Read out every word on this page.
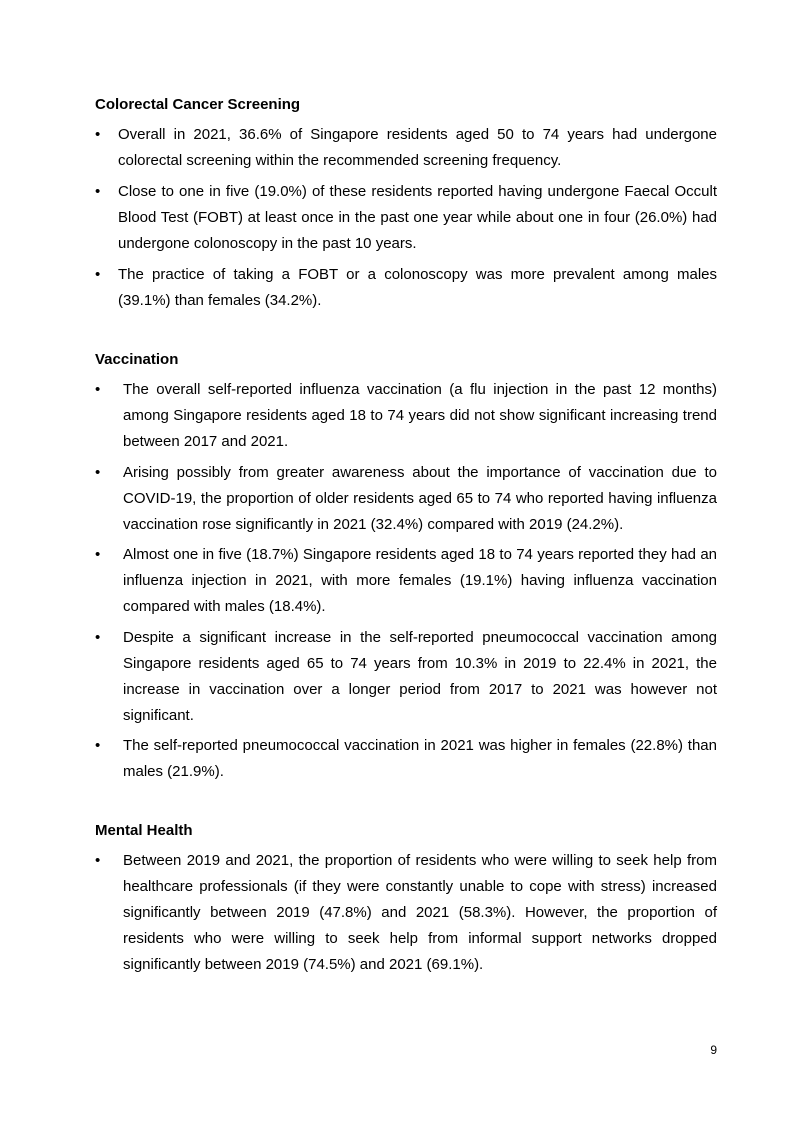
Colorectal Cancer Screening
•	Overall in 2021, 36.6% of Singapore residents aged 50 to 74 years had undergone colorectal screening within the recommended screening frequency.
•	Close to one in five (19.0%) of these residents reported having undergone Faecal Occult Blood Test (FOBT) at least once in the past one year while about one in four (26.0%) had undergone colonoscopy in the past 10 years.
•	The practice of taking a FOBT or a colonoscopy was more prevalent among males (39.1%) than females (34.2%).
Vaccination
•	The overall self-reported influenza vaccination (a flu injection in the past 12 months) among Singapore residents aged 18 to 74 years did not show significant increasing trend between 2017 and 2021.
•	Arising possibly from greater awareness about the importance of vaccination due to COVID-19, the proportion of older residents aged 65 to 74 who reported having influenza vaccination rose significantly in 2021 (32.4%) compared with 2019 (24.2%).
•	Almost one in five (18.7%) Singapore residents aged 18 to 74 years reported they had an influenza injection in 2021, with more females (19.1%) having influenza vaccination compared with males (18.4%).
•	Despite a significant increase in the self-reported pneumococcal vaccination among Singapore residents aged 65 to 74 years from 10.3% in 2019 to 22.4% in 2021, the increase in vaccination over a longer period from 2017 to 2021 was however not significant.
•	The self-reported pneumococcal vaccination in 2021 was higher in females (22.8%) than males (21.9%).
Mental Health
•	Between 2019 and 2021, the proportion of residents who were willing to seek help from healthcare professionals (if they were constantly unable to cope with stress) increased significantly between 2019 (47.8%) and 2021 (58.3%). However, the proportion of residents who were willing to seek help from informal support networks dropped significantly between 2019 (74.5%) and 2021 (69.1%).
9
